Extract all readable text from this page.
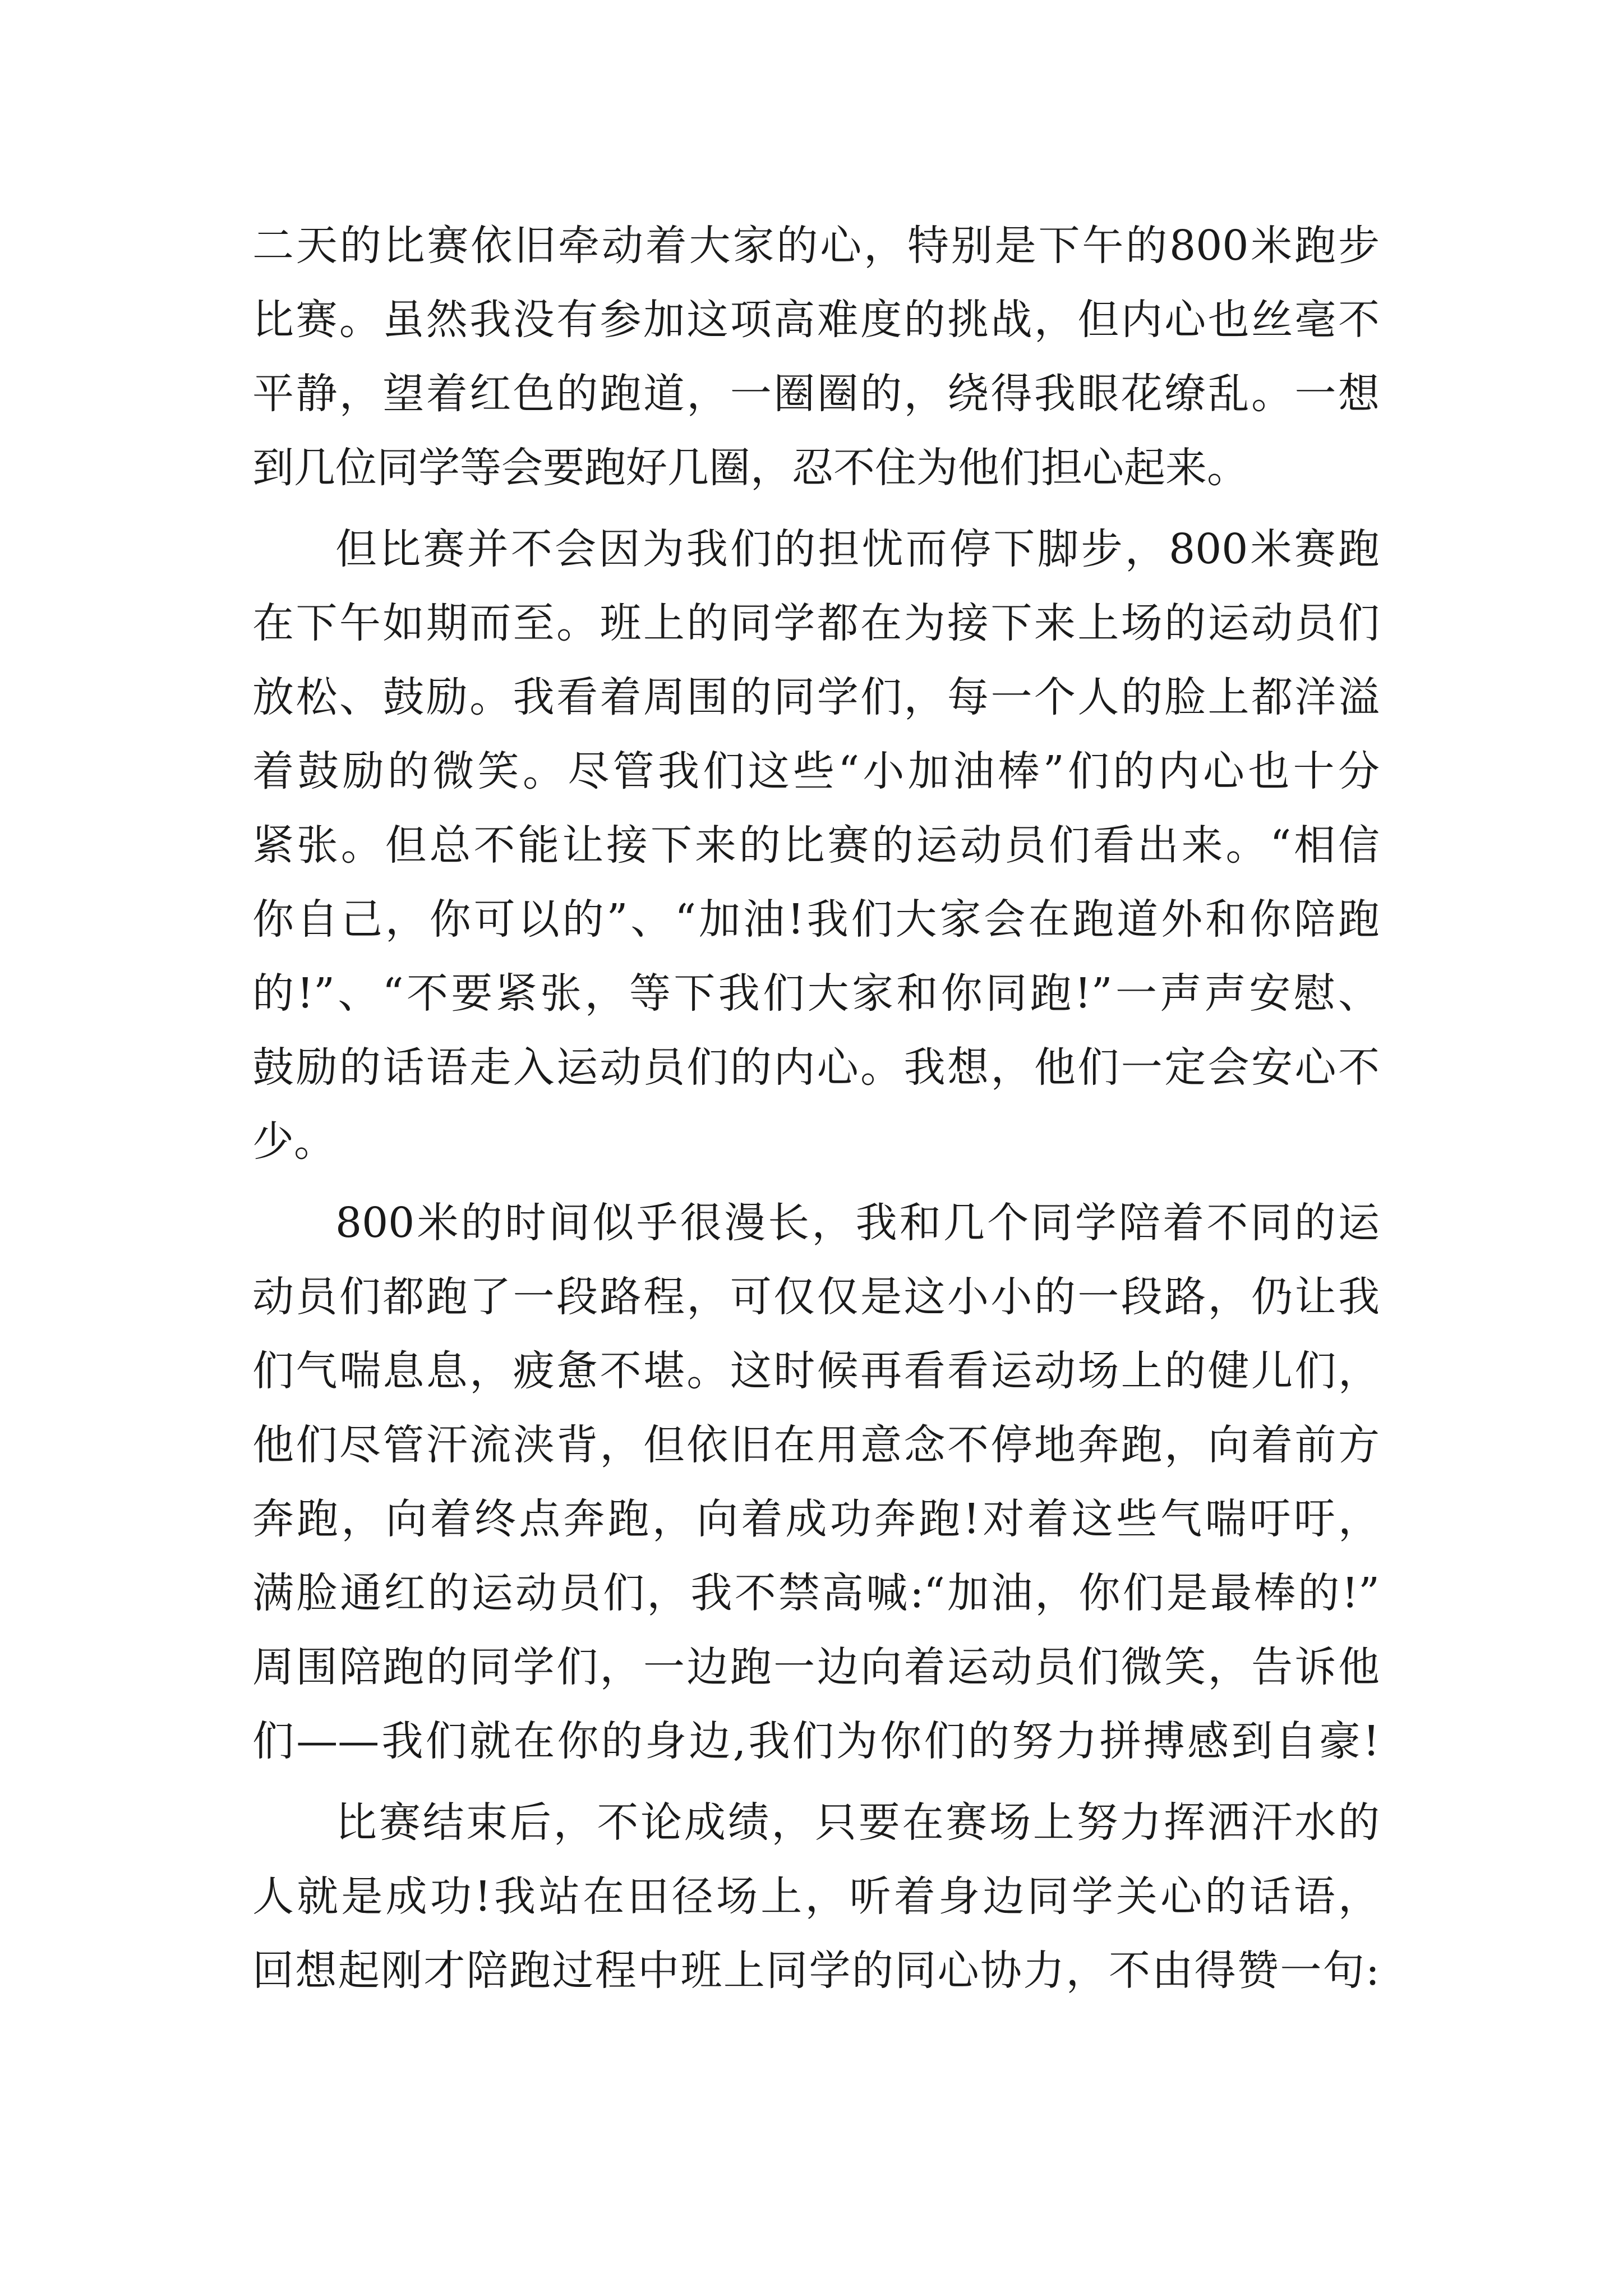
二天的比赛依旧牵动着大家的心，特别是下午的800米跑步
比赛。虽然我没有参加这项高难度的挑战，但内心也丝毫不
平静，望着红色的跑道，一圈圈的，绕得我眼花缭乱。一想
到几位同学等会要跑好几圈，忍不住为他们担心起来。
但比赛并不会因为我们的担忧而停下脚步，800米赛跑
在下午如期而至。班上的同学都在为接下来上场的运动员们
放松、鼓励。我看着周围的同学们，每一个人的脸上都洋溢
着鼓励的微笑。尽管我们这些“小加油棒”们的内心也十分
紧张。但总不能让接下来的比赛的运动员们看出来。“相信
你自己，你可以的”、“加油!我们大家会在跑道外和你陪跑
的!”、“不要紧张，等下我们大家和你同跑!”一声声安慰、
鼓励的话语走入运动员们的内心。我想，他们一定会安心不
少。
800米的时间似乎很漫长，我和几个同学陪着不同的运
动员们都跑了一段路程，可仅仅是这小小的一段路，仍让我
们气喘息息，疲惫不堪。这时候再看看运动场上的健儿们，
他们尽管汗流浃背，但依旧在用意念不停地奔跑，向着前方
奔跑，向着终点奔跑，向着成功奔跑!对着这些气喘吁吁，
满脸通红的运动员们，我不禁高喊:“加油，你们是最棒的!”
周围陪跑的同学们，一边跑一边向着运动员们微笑，告诉他
们——我们就在你的身边,我们为你们的努力拼搏感到自豪!
比赛结束后，不论成绩，只要在赛场上努力挥洒汗水的
人就是成功!我站在田径场上，听着身边同学关心的话语，
回想起刚才陪跑过程中班上同学的同心协力，不由得赞一句:
